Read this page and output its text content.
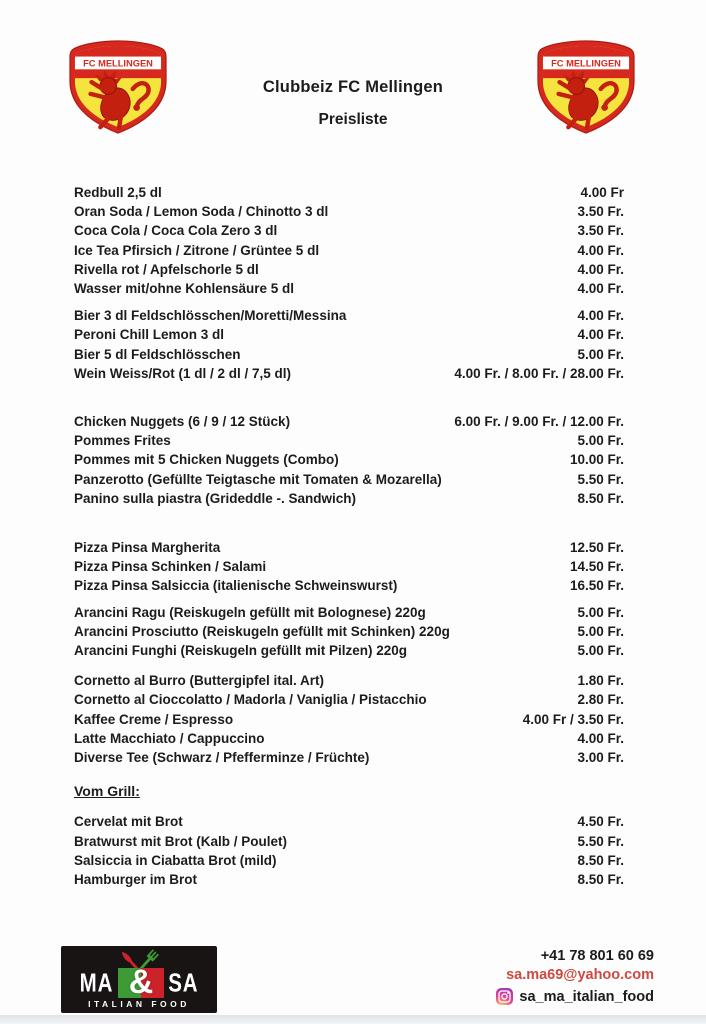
Clubbeiz FC Mellingen
Preisliste
Redbull 2,5 dl	4.00 Fr
Oran Soda / Lemon Soda / Chinotto 3 dl	3.50 Fr.
Coca Cola / Coca Cola Zero 3 dl	3.50 Fr.
Ice Tea Pfirsich / Zitrone / Grüntee 5 dl	4.00 Fr.
Rivella rot / Apfelschorle 5 dl	4.00 Fr.
Wasser mit/ohne Kohlensäure 5 dl	4.00 Fr.
Bier 3 dl Feldschlösschen/Moretti/Messina	4.00 Fr.
Peroni Chill Lemon 3 dl	4.00 Fr.
Bier 5 dl Feldschlösschen	5.00 Fr.
Wein Weiss/Rot (1 dl / 2 dl / 7,5 dl)	4.00 Fr. / 8.00 Fr. / 28.00 Fr.
Chicken Nuggets (6 / 9 / 12 Stück)	6.00 Fr. / 9.00 Fr. / 12.00 Fr.
Pommes Frites	5.00 Fr.
Pommes mit 5 Chicken Nuggets (Combo)	10.00 Fr.
Panzerotto (Gefüllte Teigtasche mit Tomaten & Mozarella)	5.50 Fr.
Panino sulla piastra (Grideddle -. Sandwich)	8.50 Fr.
Pizza Pinsa Margherita	12.50 Fr.
Pizza Pinsa Schinken / Salami	14.50 Fr.
Pizza Pinsa Salsiccia (italienische Schweinswurst)	16.50 Fr.
Arancini Ragu (Reiskugeln gefüllt mit Bolognese) 220g	5.00 Fr.
Arancini Prosciutto (Reiskugeln gefüllt mit Schinken) 220g	5.00 Fr.
Arancini Funghi (Reiskugeln gefüllt mit Pilzen) 220g	5.00 Fr.
Cornetto al Burro (Buttergipfel ital. Art)	1.80 Fr.
Cornetto al Cioccolatto / Madorla / Vaniglia / Pistacchio	2.80 Fr.
Kaffee Creme / Espresso	4.00 Fr / 3.50 Fr.
Latte Macchiato / Cappuccino	4.00 Fr.
Diverse Tee (Schwarz / Pfefferminze / Früchte)	3.00 Fr.
Vom Grill:
Cervelat mit Brot	4.50 Fr.
Bratwurst mit Brot (Kalb / Poulet)	5.50 Fr.
Salsiccia in Ciabatta Brot (mild)	8.50 Fr.
Hamburger im Brot	8.50 Fr.
MA & SA
ITALIAN FOOD
+41 78 801 60 69
sa.ma69@yahoo.com
sa_ma_italian_food
